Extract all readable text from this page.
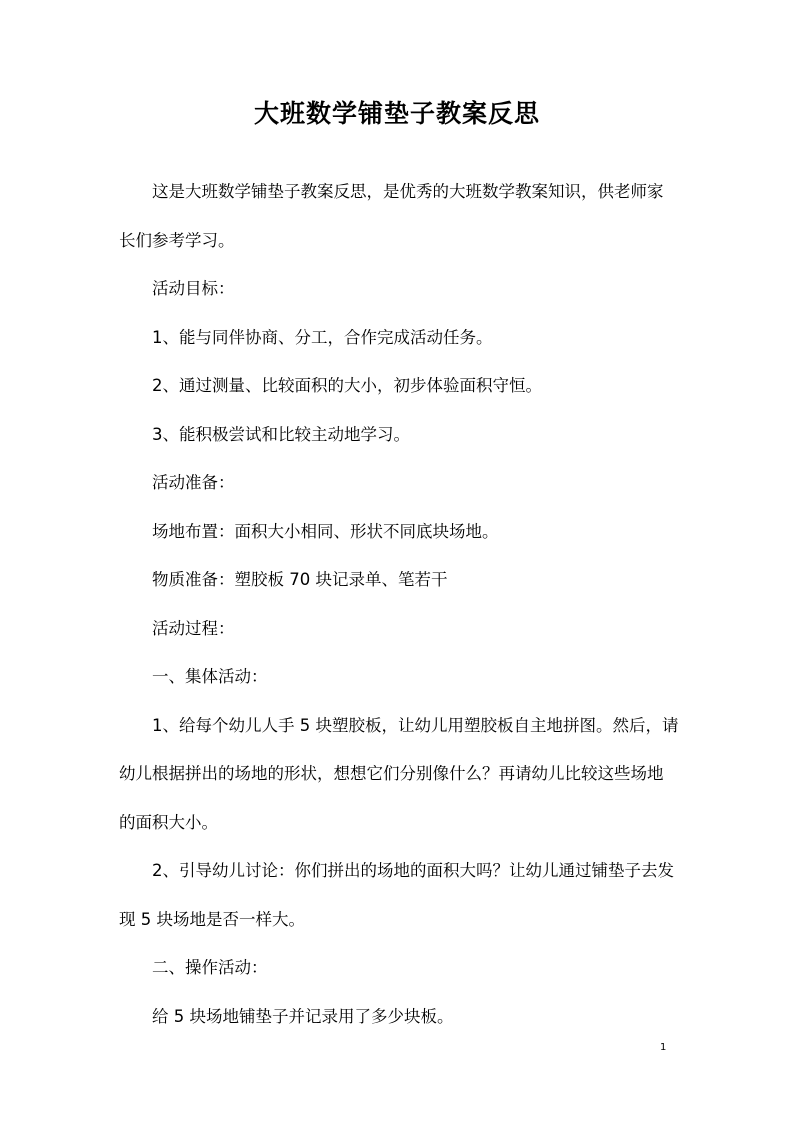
大班数学铺垫子教案反思

这是大班数学铺垫子教案反思，是优秀的大班数学教案知识，供老师家长们参考学习。

活动目标：

1、能与同伴协商、分工，合作完成活动任务。

2、通过测量、比较面积的大小，初步体验面积守恒。

3、能积极尝试和比较主动地学习。

活动准备：

场地布置：面积大小相同、形状不同底块场地。

物质准备：塑胶板 70 块记录单、笔若干

活动过程：

一、集体活动：

1、给每个幼儿人手 5 块塑胶板，让幼儿用塑胶板自主地拼图。然后，请幼儿根据拼出的场地的形状，想想它们分别像什么？再请幼儿比较这些场地的面积大小。

2、引导幼儿讨论：你们拼出的场地的面积大吗？让幼儿通过铺垫子去发现 5 块场地是否一样大。

二、操作活动：

给 5 块场地铺垫子并记录用了多少块板。

1
